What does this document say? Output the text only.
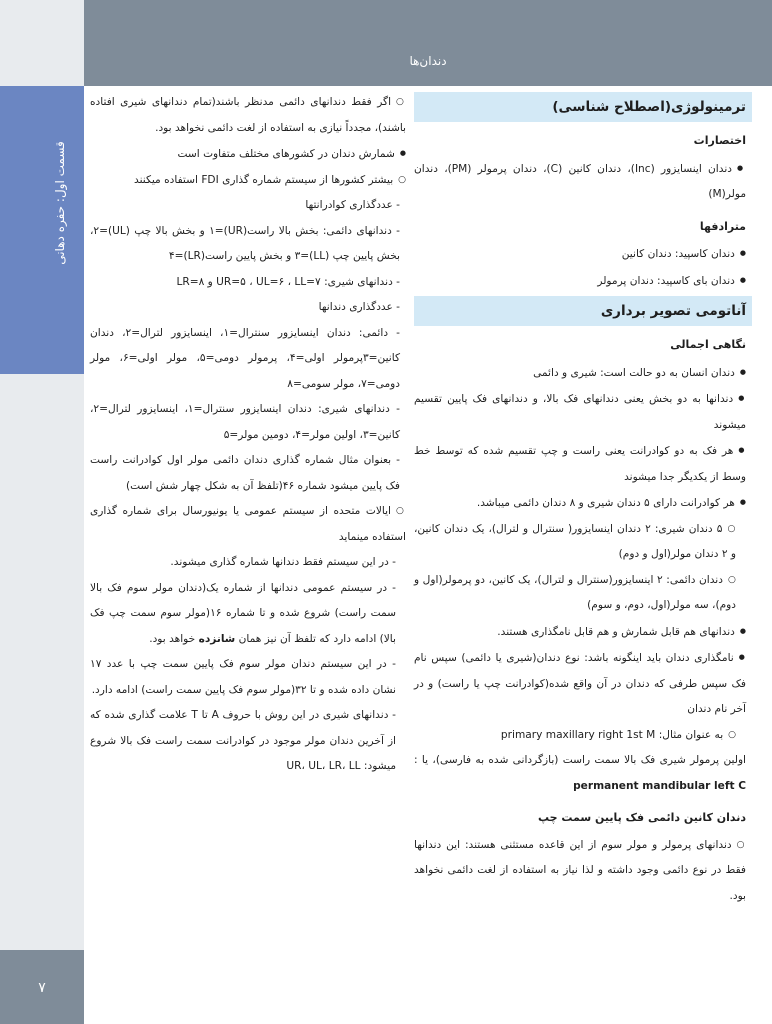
قسمت اول: حفره دهانی
۷
دندان‌ها
ترمینولوژی(اصطلاح شناسی)
اختصارات

● دندان اینسایزور (Inc)، دندان کانین (C)، دندان پرمولر (PM)، دندان مولر(M)

مترادفها

● دندان کاسپید: دندان کانین

● دندان بای کاسپید: دندان پرمولر

آناتومی تصویر برداری
نگاهی اجمالی

● دندان انسان به دو حالت است: شیری و دائمی

● دندانها به دو بخش یعنی دندانهای فک بالا، و دندانهای فک پایین تقسیم میشوند

● هر فک به دو کوادرانت یعنی راست و چپ تقسیم شده که توسط خط وسط از یکدیگر جدا میشوند

● هر کوادرانت دارای ۵ دندان شیری و ۸ دندان دائمی میباشد.

○ ۵ دندان شیری: ۲ دندان اینسایزور( سنترال و لترال)، یک دندان کانین، و ۲ دندان مولر(اول و دوم)

○ دندان دائمی: ۲ اینسایزور(سنترال و لترال)، یک کانین، دو پرمولر(اول و دوم)، سه مولر(اول، دوم، و سوم)

● دندانهای هم قابل شمارش و هم قابل نامگذاری هستند.

● نامگذاری دندان باید اینگونه باشد: نوع دندان(شیری یا دائمی) سپس نام فک سپس طرفی که دندان در آن واقع شده(کوادرانت چپ یا راست) و در آخر نام دندان

○ به عنوان مثال: primary maxillary right 1st M

اولین پرمولر شیری فک بالا سمت راست (بازگردانی شده به فارسی)، یا : permanent mandibular left C

دندان کانین دائمی فک پایین سمت چپ

○ دندانهای پرمولر و مولر سوم از این قاعده مستثنی هستند: این دندانها فقط در نوع دائمی وجود داشته و لذا نیاز به استفاده از لغت دائمی نخواهد بود.

○ اگر فقط دندانهای دائمی مدنظر باشند(تمام دندانهای شیری افتاده باشند)، مجدداً نیازی به استفاده از لغت دائمی نخواهد بود.

● شمارش دندان در کشورهای مختلف متفاوت است

○ بیشتر کشورها از سیستم شماره گذاری FDI استفاده میکنند

- عددگذاری کوادرانتها

- دندانهای دائمی: بخش بالا راست(UR)=۱ و بخش بالا چپ (UL)=۲، بخش پایین چپ (LL)=۳ و بخش پایین راست(LR)=۴

- دندانهای شیری: UR=۵ ، UL=۶ ، LL=۷ و LR=۸

- عددگذاری دندانها

- دائمی: دندان اینسایزور سنترال=۱، اینسایزور لترال=۲، دندان کانین=۳پرمولر اولی=۴، پرمولر دومی=۵، مولر اولی=۶، مولر دومی=۷، مولر سومی=۸

- دندانهای شیری: دندان اینسایزور سنترال=۱، اینسایزور لترال=۲، کانین=۳، اولین مولر=۴، دومین مولر=۵

- بعنوان مثال شماره گذاری دندان دائمی مولر اول کوادرانت راست فک پایین میشود شماره ۴۶(تلفظ آن به شکل چهار شش است)

○ ایالات متحده از سیستم عمومی یا یونیورسال برای شماره گذاری استفاده مینماید

- در این سیستم فقط دندانها شماره گذاری میشوند.

- در سیستم عمومی دندانها از شماره یک(دندان مولر سوم فک بالا سمت راست) شروع شده و تا شماره ۱۶(مولر سوم سمت چپ فک بالا) ادامه دارد که تلفظ آن نیز همان شانزده خواهد بود.

- در این سیستم دندان مولر سوم فک پایین سمت چپ با عدد ۱۷ نشان داده شده و تا ۳۲(مولر سوم فک پایین سمت راست) ادامه دارد.

- دندانهای شیری در این روش با حروف A تا T علامت گذاری شده که از آخرین دندان مولر موجود در کوادرانت سمت راست فک بالا شروع میشود: UR، UL، LR، LL
